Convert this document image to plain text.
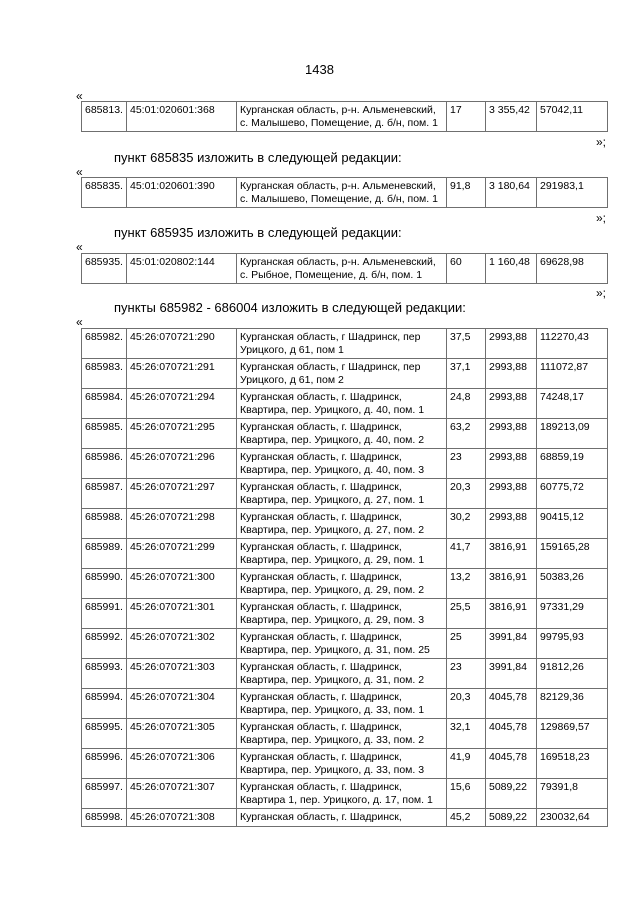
1438
«
685813.	45:01:020601:368	Курганская область, р-н. Альменевский, с. Малышево, Помещение, д. б/н, пом. 1	17	3 355,42	57042,11
»;
пункт 685835 изложить в следующей редакции:
«
685835.	45:01:020601:390	Курганская область, р-н. Альменевский, с. Малышево, Помещение, д. б/н, пом. 1	91,8	3 180,64	291983,1
»;
пункт 685935 изложить в следующей редакции:
«
685935.	45:01:020802:144	Курганская область, р-н. Альменевский, с. Рыбное, Помещение, д. б/н, пом. 1	60	1 160,48	69628,98
»;
пункты 685982 - 686004 изложить в следующей редакции:
«
685982.	45:26:070721:290	Курганская область, г Шадринск, пер Урицкого, д 61, пом 1	37,5	2993,88	112270,43
685983.	45:26:070721:291	Курганская область, г Шадринск, пер Урицкого, д 61, пом 2	37,1	2993,88	111072,87
685984.	45:26:070721:294	Курганская область, г. Шадринск, Квартира, пер. Урицкого, д. 40, пом. 1	24,8	2993,88	74248,17
685985.	45:26:070721:295	Курганская область, г. Шадринск, Квартира, пер. Урицкого, д. 40, пом. 2	63,2	2993,88	189213,09
685986.	45:26:070721:296	Курганская область, г. Шадринск, Квартира, пер. Урицкого, д. 40, пом. 3	23	2993,88	68859,19
685987.	45:26:070721:297	Курганская область, г. Шадринск, Квартира, пер. Урицкого, д. 27, пом. 1	20,3	2993,88	60775,72
685988.	45:26:070721:298	Курганская область, г. Шадринск, Квартира, пер. Урицкого, д. 27, пом. 2	30,2	2993,88	90415,12
685989.	45:26:070721:299	Курганская область, г. Шадринск, Квартира, пер. Урицкого, д. 29, пом. 1	41,7	3816,91	159165,28
685990.	45:26:070721:300	Курганская область, г. Шадринск, Квартира, пер. Урицкого, д. 29, пом. 2	13,2	3816,91	50383,26
685991.	45:26:070721:301	Курганская область, г. Шадринск, Квартира, пер. Урицкого, д. 29, пом. 3	25,5	3816,91	97331,29
685992.	45:26:070721:302	Курганская область, г. Шадринск, Квартира, пер. Урицкого, д. 31, пом. 25	25	3991,84	99795,93
685993.	45:26:070721:303	Курганская область, г. Шадринск, Квартира, пер. Урицкого, д. 31, пом. 2	23	3991,84	91812,26
685994.	45:26:070721:304	Курганская область, г. Шадринск, Квартира, пер. Урицкого, д. 33, пом. 1	20,3	4045,78	82129,36
685995.	45:26:070721:305	Курганская область, г. Шадринск, Квартира, пер. Урицкого, д. 33, пом. 2	32,1	4045,78	129869,57
685996.	45:26:070721:306	Курганская область, г. Шадринск, Квартира, пер. Урицкого, д. 33, пом. 3	41,9	4045,78	169518,23
685997.	45:26:070721:307	Курганская область, г. Шадринск, Квартира 1, пер. Урицкого, д. 17, пом. 1	15,6	5089,22	79391,8
685998.	45:26:070721:308	Курганская область, г. Шадринск,	45,2	5089,22	230032,64
